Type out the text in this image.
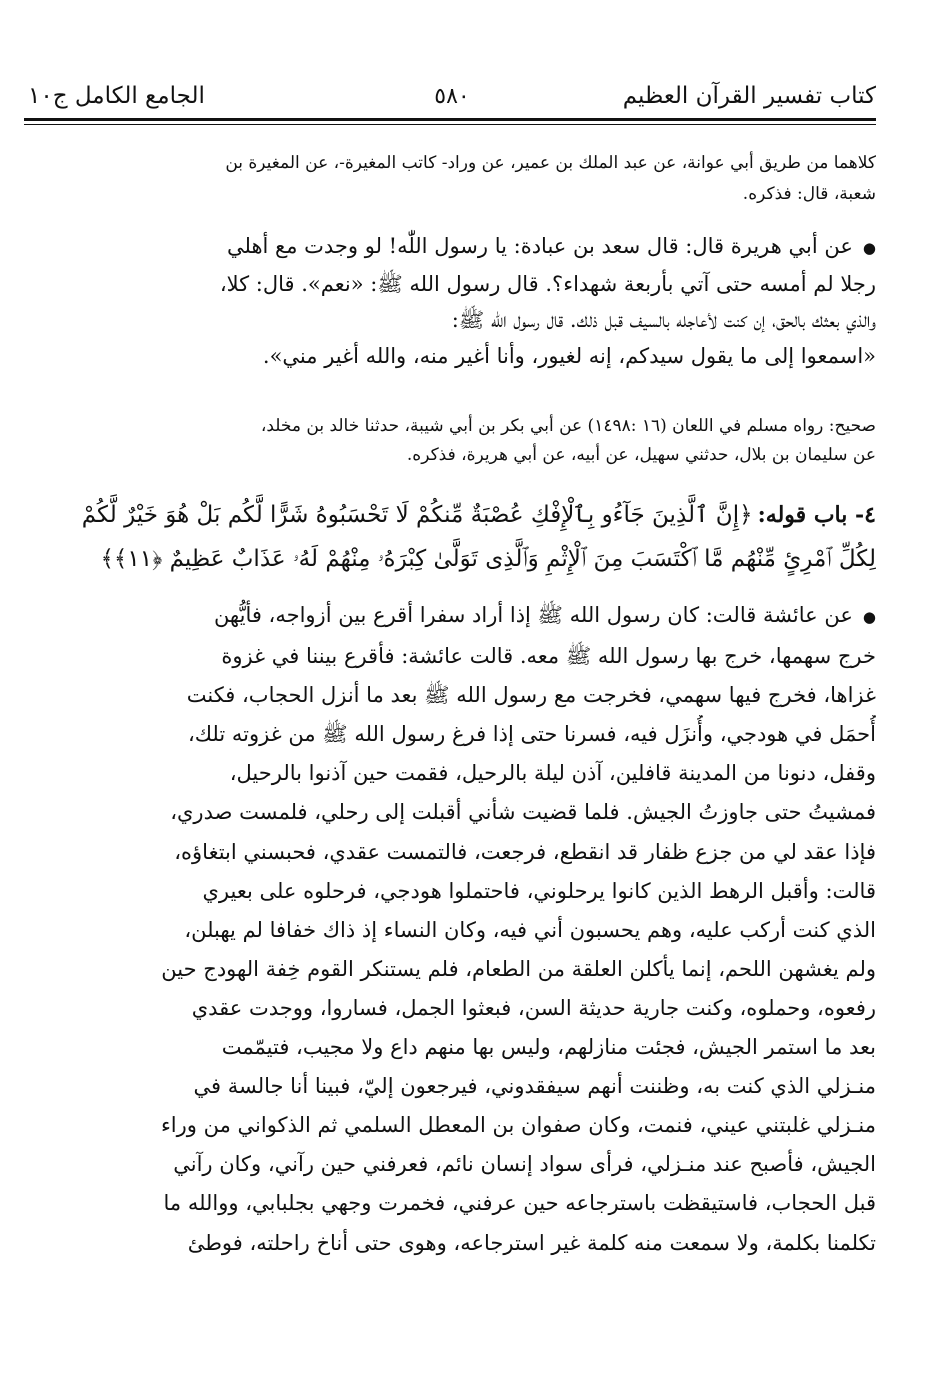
كتاب تفسير القرآن العظيم
٥٨٠
الجامع الكامل ج١٠
كلاهما من طريق أبي عوانة، عن عبد الملك بن عمير، عن وراد- كاتب المغيرة-، عن المغيرة بن
شعبة، قال: فذكره.
●عن أبي هريرة قال: قال سعد بن عبادة: يا رسول اللّٰه! لو وجدت مع أهلي
رجلا لم أمسه حتى آتي بأربعة شهداء؟. قال رسول الله ﷺ: «نعم». قال: كلا،
والذي بعثك بالحق، إن كنت لأعاجله بالسيف قبل ذلك. قال رسول الله ﷺ:
«اسمعوا إلى ما يقول سيدكم، إنه لغيور، وأنا أغير منه، والله أغير مني».
صحيح: رواه مسلم في اللعان (١٦ :١٤٩٨) عن أبي بكر بن أبي شيبة، حدثنا خالد بن مخلد،
عن سليمان بن بلال، حدثني سهيل، عن أبيه، عن أبي هريرة، فذكره.
٤- باب قوله: ﴿إِنَّ ٱلَّذِينَ جَآءُو بِٱلْإِفْكِ عُصْبَةٌ مِّنكُمْ لَا تَحْسَبُوهُ شَرًّا لَّكُم بَلْ هُوَ خَيْرٌ لَّكُمْ
لِكُلِّ ٱمْرِئٍ مِّنْهُم مَّا ٱكْتَسَبَ مِنَ ٱلْإِثْمِ وَٱلَّذِى تَوَلَّىٰ كِبْرَهُۥ مِنْهُمْ لَهُۥ عَذَابٌ عَظِيمٌ ﴿١١﴾﴾
●عن عائشة قالت: كان رسول الله ﷺ إذا أراد سفرا أقرع بين أزواجه، فأيُّهن
خرج سهمها، خرج بها رسول الله ﷺ معه. قالت عائشة: فأقرع بيننا في غزوة
غزاها، فخرج فيها سهمي، فخرجت مع رسول الله ﷺ بعد ما أنزل الحجاب، فكنت
أُحمَل في هودجي، وأُنزَل فيه، فسرنا حتى إذا فرغ رسول الله ﷺ من غزوته تلك،
وقفل، دنونا من المدينة قافلين، آذن ليلة بالرحيل، فقمت حين آذنوا بالرحيل،
فمشيتُ حتى جاوزتُ الجيش. فلما قضيت شأني أقبلت إلى رحلي، فلمست صدري،
فإذا عقد لي من جزع ظفار قد انقطع، فرجعت، فالتمست عقدي، فحبسني ابتغاؤه،
قالت: وأقبل الرهط الذين كانوا يرحلوني، فاحتملوا هودجي، فرحلوه على بعيري
الذي كنت أركب عليه، وهم يحسبون أني فيه، وكان النساء إذ ذاك خفافا لم يهبلن،
ولم يغشهن اللحم، إنما يأكلن العلقة من الطعام، فلم يستنكر القوم خِفة الهودج حين
رفعوه، وحملوه، وكنت جارية حديثة السن، فبعثوا الجمل، فساروا، ووجدت عقدي
بعد ما استمر الجيش، فجئت منازلهم، وليس بها منهم داع ولا مجيب، فتيمّمت
منـزلي الذي كنت به، وظننت أنهم سيفقدوني، فيرجعون إليّ، فبينا أنا جالسة في
منـزلي غلبتني عيني، فنمت، وكان صفوان بن المعطل السلمي ثم الذكواني من وراء
الجيش، فأصبح عند منـزلي، فرأى سواد إنسان نائم، فعرفني حين رآني، وكان رآني
قبل الحجاب، فاستيقظت باسترجاعه حين عرفني، فخمرت وجهي بجلبابي، ووالله ما
تكلمنا بكلمة، ولا سمعت منه كلمة غير استرجاعه، وهوى حتى أناخ راحلته، فوطئ
